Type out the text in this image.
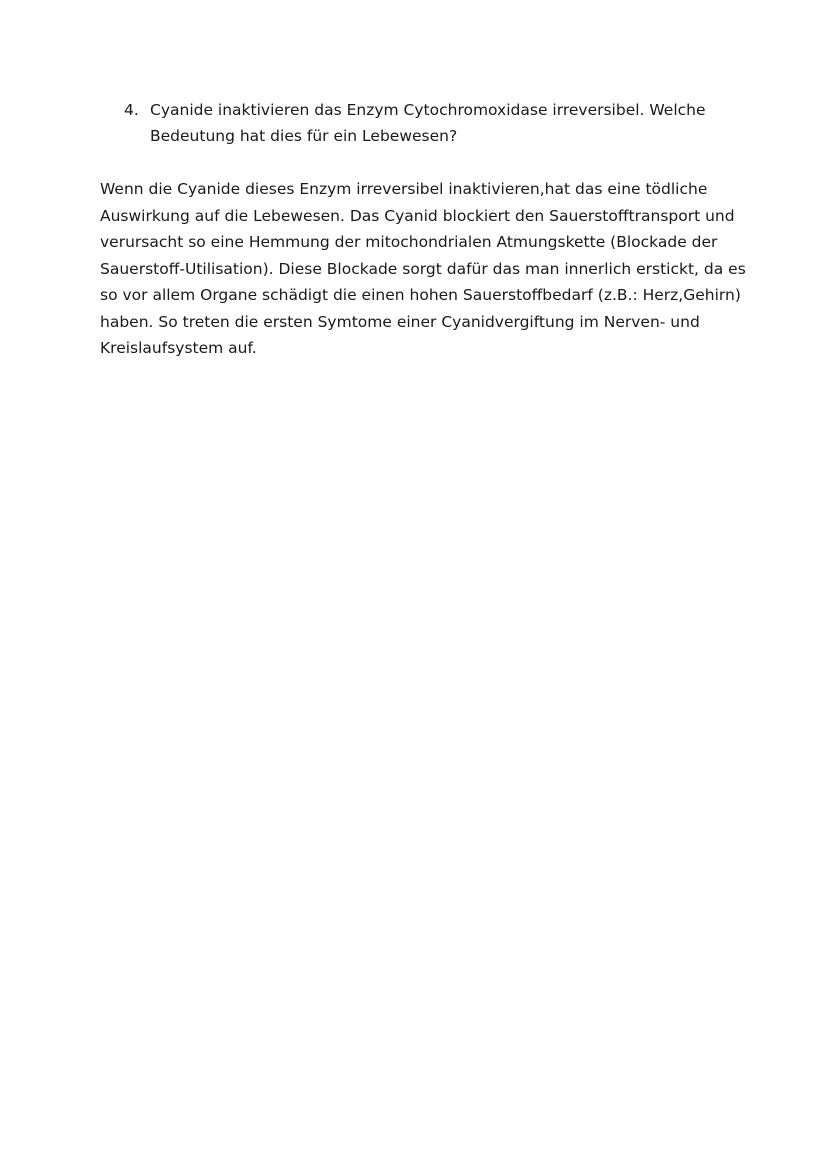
4. Cyanide inaktivieren das Enzym Cytochromoxidase irreversibel. Welche
Bedeutung hat dies für ein Lebewesen?
Wenn die Cyanide dieses Enzym irreversibel inaktivieren,hat das eine tödliche
Auswirkung auf die Lebewesen. Das Cyanid blockiert den Sauerstofftransport und
verursacht so eine Hemmung der mitochondrialen Atmungskette (Blockade der
Sauerstoff-Utilisation). Diese Blockade sorgt dafür das man innerlich erstickt, da es
so vor allem Organe schädigt die einen hohen Sauerstoffbedarf (z.B.: Herz,Gehirn)
haben. So treten die ersten Symtome einer Cyanidvergiftung im Nerven- und
Kreislaufsystem auf.
